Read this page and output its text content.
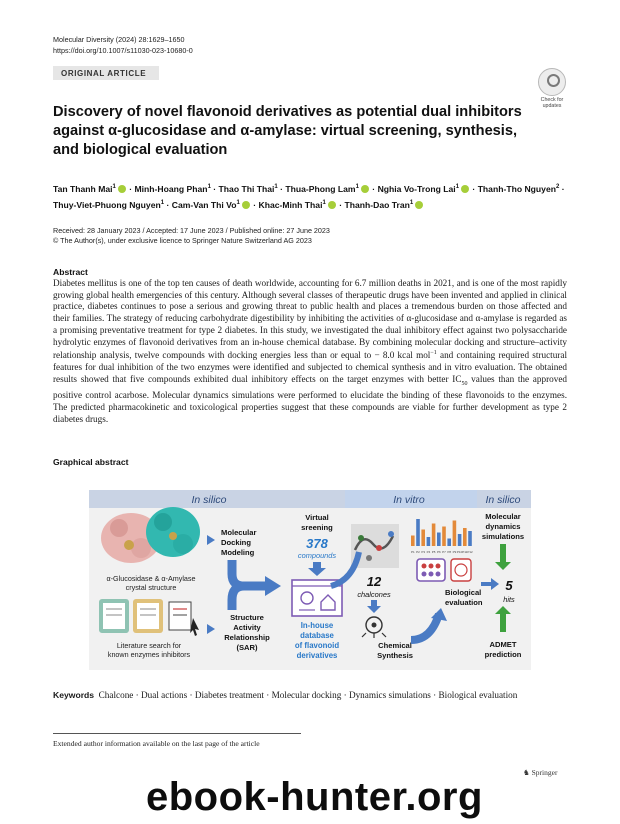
Molecular Diversity (2024) 28:1629–1650
https://doi.org/10.1007/s11030-023-10680-0
ORIGINAL ARTICLE
Check for
updates
Discovery of novel flavonoid derivatives as potential dual inhibitors
against α-glucosidase and α-amylase: virtual screening, synthesis,
and biological evaluation
Tan Thanh Mai$^1$ · Minh-Hoang Phan$^1$ · Thao Thi Thai$^1$ · Thua-Phong Lam$^1$ · Nghia Vo-Trong Lai$^1$ · Thanh-Tho Nguyen$^2$ · Thuy-Viet-Phuong Nguyen$^1$ · Cam-Van Thi $Vo^1$ · Khac-Minh Thai$^1$ · Thanh-Dao Tran$^1$
Received: 28 January 2023 / Accepted: 17 June 2023 / Published online: 27 June 2023
© The Author(s), under exclusive licence to Springer Nature Switzerland AG 2023
Abstract

Diabetes mellitus is one of the top ten causes of death worldwide, accounting for 6.7 million deaths in 2021, and is one of the most rapidly growing global health emergencies of this century. Although several classes of therapeutic drugs have been invented and applied in clinical practice, diabetes continues to pose a serious and growing threat to public health and places a tremendous burden on those affected and their families. The strategy of reducing carbohydrate digestibility by inhibiting the activities of α-glucosidase and α-amylase is regarded as a promising preventative treatment for type 2 diabetes. In this study, we investigated the dual inhibitory effect against two polysaccharide hydrolytic enzymes of flavonoid derivatives from an in-house chemical database. By combining molecular docking and structure–activity relationship analysis, twelve compounds with docking energies less than or equal to − 8.0 kcal mol$^{-1}$ and containing required structural features for dual inhibition of the two enzymes were identified and subjected to chemical synthesis and in vitro evaluation. The obtained results showed that five compounds exhibited dual inhibitory effects on the target enzymes with better $IC_{50}$ values than the approved positive control acarbose. Molecular dynamics simulations were performed to elucidate the binding of these flavonoids to the enzymes. The predicted pharmacokinetic and toxicological properties suggest that these compounds are viable for further development as type 2 diabetes drugs.

Graphical abstract
In silico	In vitro	In silico
α-Glucosidase & α-Amylase
crystal structure
Literature search for
known enzymes inhibitors
Molecular
Docking
Modeling
Structure
Activity
Relationship
(SAR)
Virtual
sreening
378
compounds
In-house
database
of flavonoid
derivatives
12
chalcones
Chemical
Synthesis
P1 P2 P3 P4 P5 P6 P7 P8 P9 P10 P11 P12
Biological
evaluation
Molecular
dynamics
simulations
5
hits
ADMET
prediction
Keywords Chalcone · Dual actions · Diabetes treatment · Molecular docking · Dynamics simulations · Biological evaluation
Extended author information available on the last page of the article
♞ Springer
ebook-hunter.org
